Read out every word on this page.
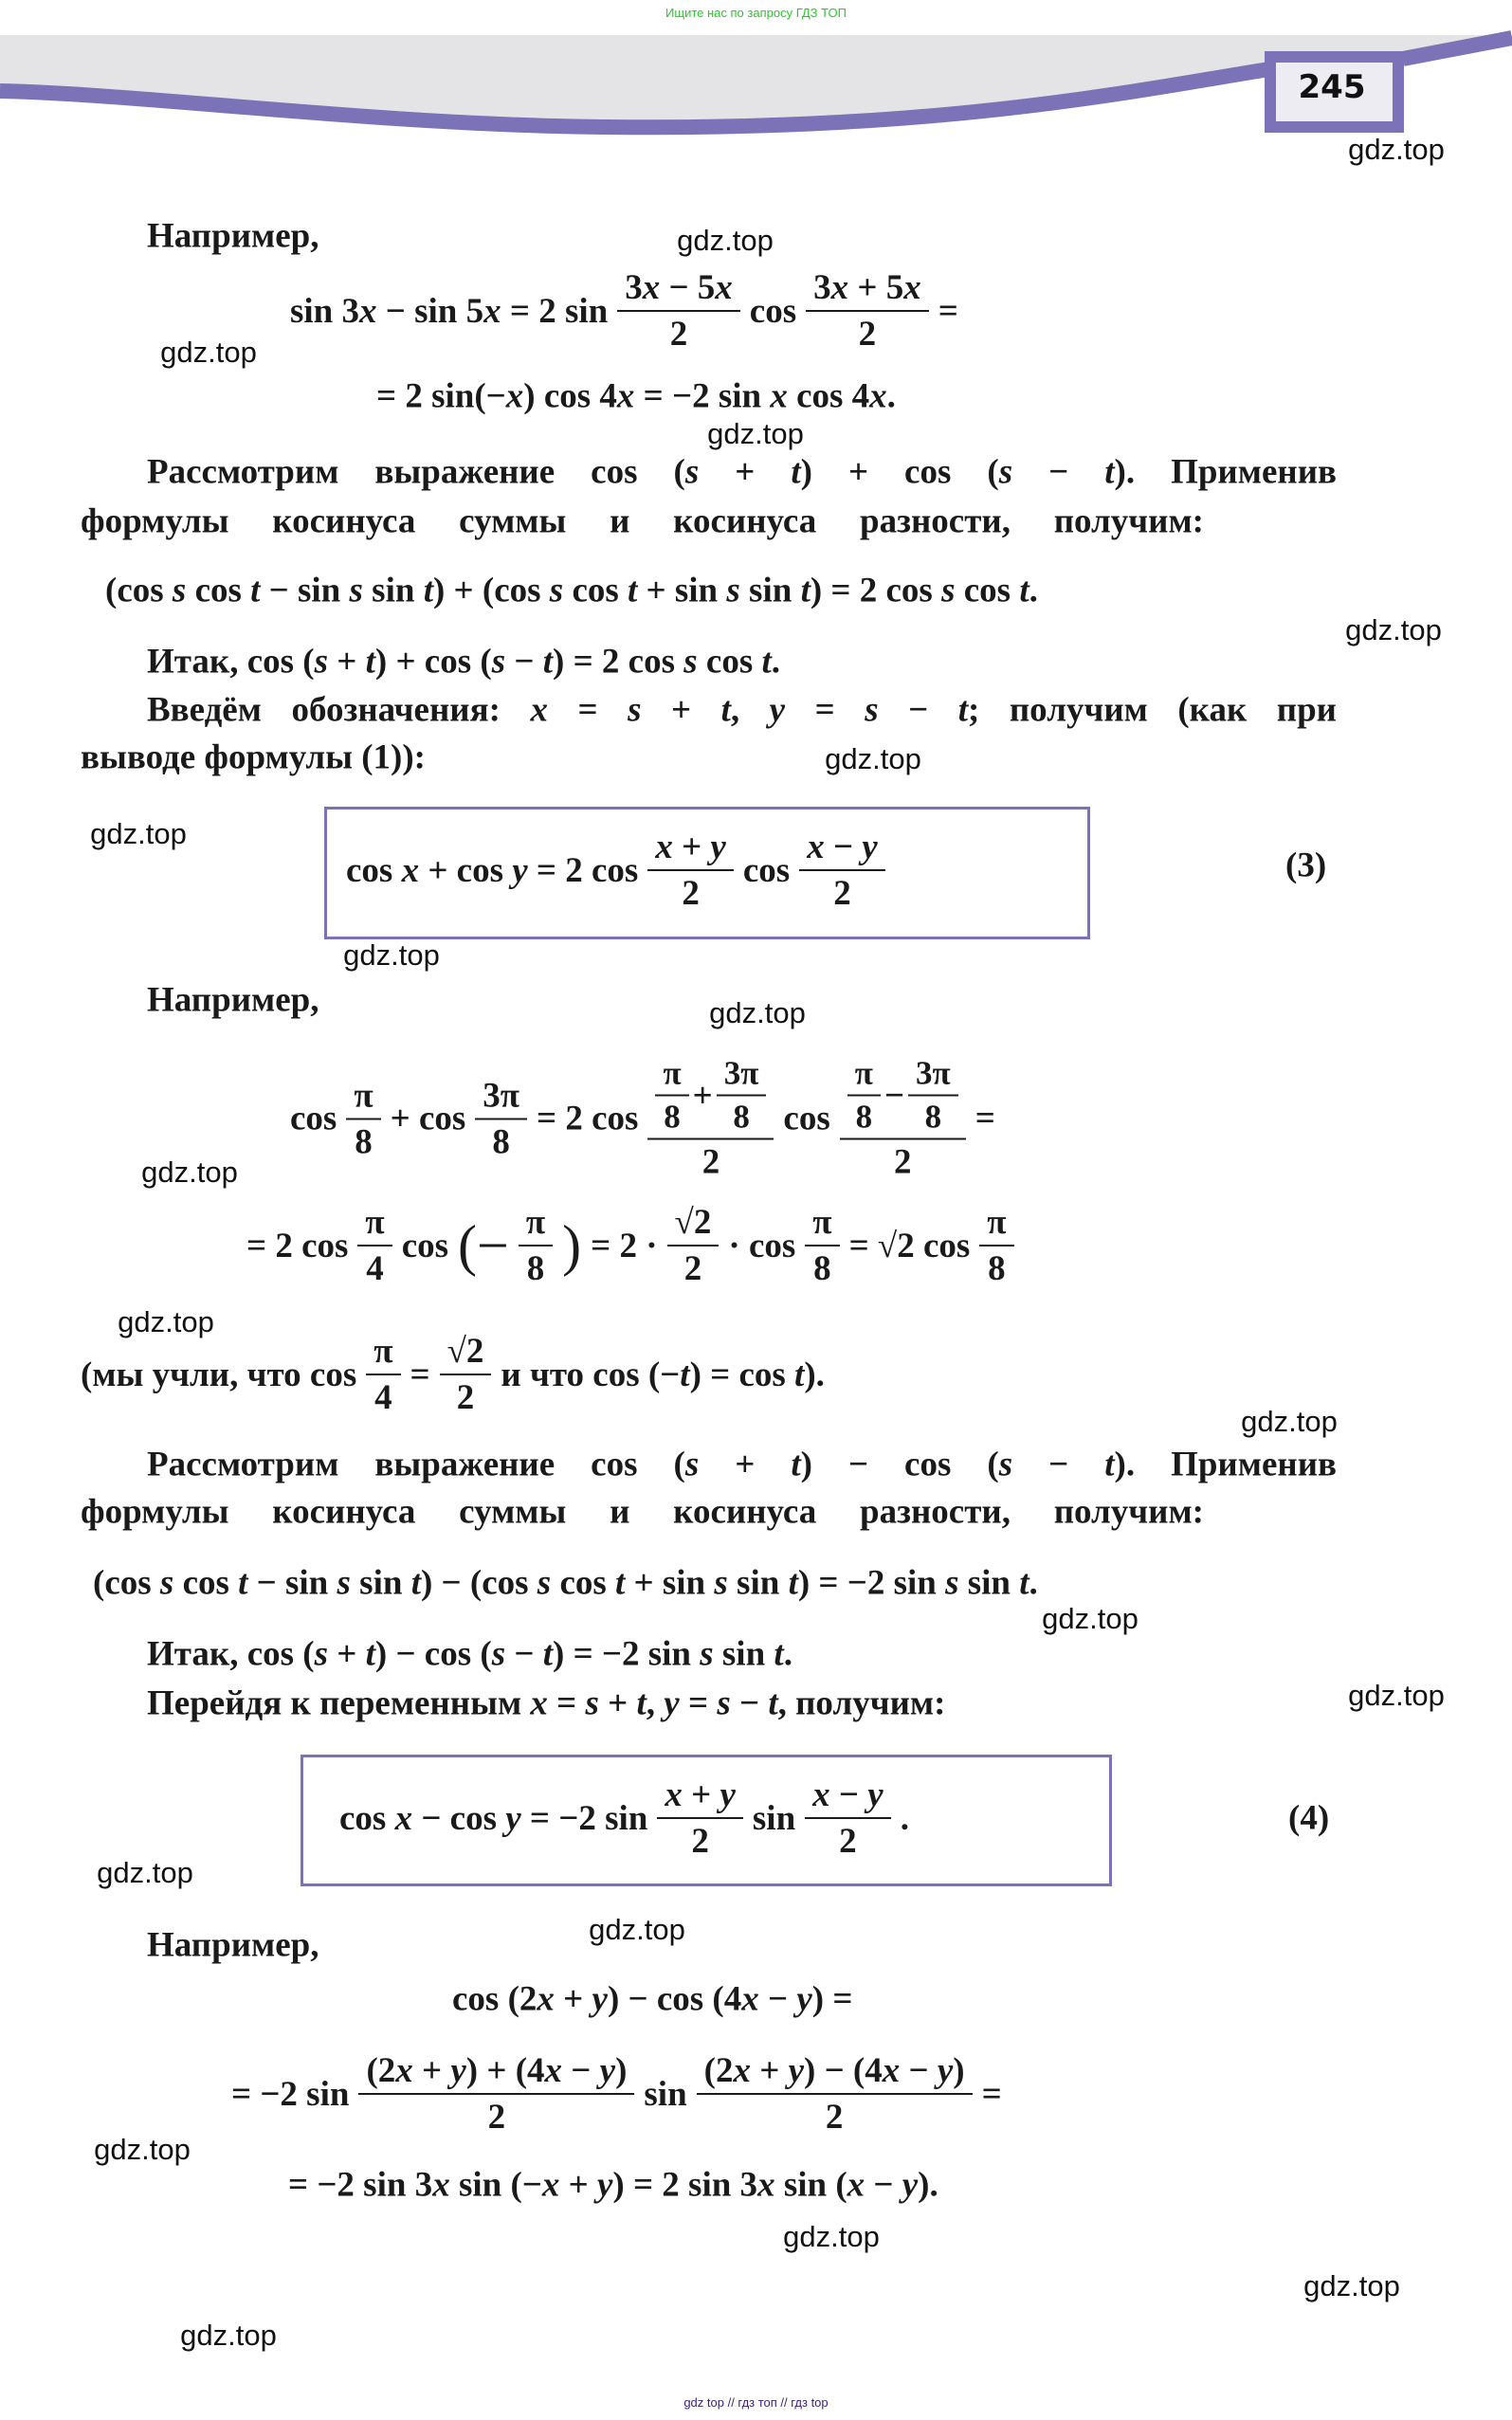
Ищите нас по запросу ГДЗ ТОП
245
Например,
sin 3x − sin 5x = 2 $\sin \frac{3x - 5x}{2}$ $\cos \frac{3x + 5x}{2}$ =
= 2 sin(−x) cos 4x = −2 sin x cos 4x.
Рассмотрим выражение cos (s + t) + cos (s − t). Применив
формулы косинуса суммы и косинуса разности, получим:
(cos s cos t − sin s sin t) + (cos s cos t + sin s sin t) = 2 cos s cos t.
Итак, cos (s + t) + cos (s − t) = 2 cos s cos t.
Введём обозначения: x = s + t, y = s − t; получим (как при
выводе формулы (1)):
cos x + cos y = 2 $\cos \frac{x + y}{2}$ $\cos \frac{x - y}{2}$	(3)
Например,
$\cos \frac{\pi}{8} + \cos \frac{3\pi}{8} = 2$ $\cos \frac{\frac{\pi}{8} + \frac{3\pi}{8}}{2}$ $\cos \frac{\frac{\pi}{8} - \frac{3\pi}{8}}{2}$ =
= 2 $\cos \frac{\pi}{4}$ cos (− $\frac{\pi}{8}$ ) = $2 \cdot \frac{√2}{2} \cdot \cos \frac{\pi}{8} = √2$ $\cos \frac{\pi}{8}$
(мы учли, что $\cos \frac{\pi}{4} = \frac{√2}{2}$ и что cos (−t) = cos t).
Рассмотрим выражение cos (s + t) − cos (s − t). Применив
формулы косинуса суммы и косинуса разности, получим:
(cos s cos t − sin s sin t) − (cos s cos t + sin s sin t) = −2 sin s sin t.
Итак, cos (s + t) − cos (s − t) = −2 sin s sin t.
Перейдя к переменным x = s + t, y = s − t, получим:
cos x − cos y = −2 $\sin \frac{x + y}{2}$ $\sin \frac{x - y}{2}$ .	(4)
Например,
cos (2x + y) − cos (4x − y) =
= −2 $\sin \frac{(2x + y) + (4x - y)}{2}$ $\sin \frac{(2x + y) - (4x - y)}{2}$ =
= −2 sin 3x sin (−x + y) = 2 sin 3x sin (x − y).
gdz.top
gdz.top
gdz.top
gdz.top
gdz.top
gdz.top
gdz.top
gdz.top
gdz.top
gdz.top
gdz.top
gdz.top
gdz.top
gdz.top
gdz.top
gdz.top
gdz.top
gdz.top
gdz.top
gdz.top
gdz top // гдз топ // гдз top
